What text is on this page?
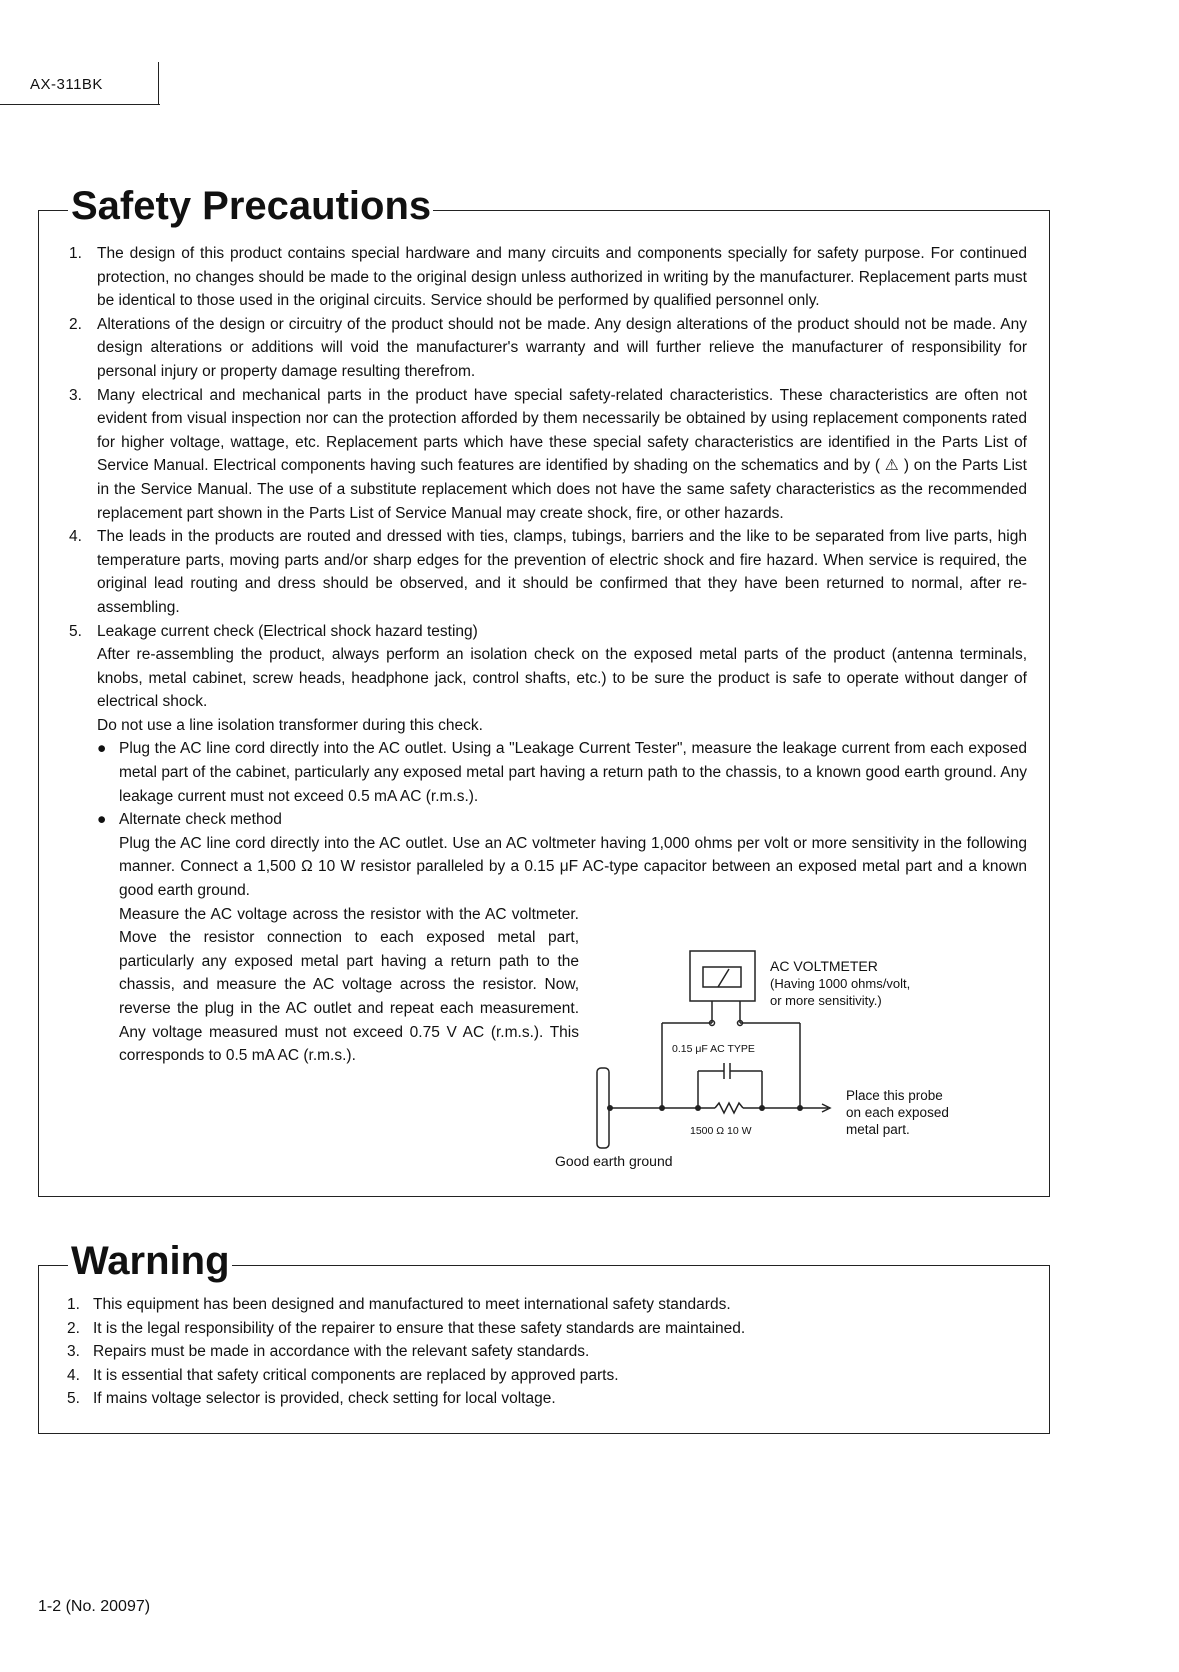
AX-311BK
Safety Precautions
1. The design of this product contains special hardware and many circuits and components specially for safety purpose. For continued protection, no changes should be made to the original design unless authorized in writing by the manufacturer. Replacement parts must be identical to those used in the original circuits. Service should be performed by qualified personnel only.
2. Alterations of the design or circuitry of the product should not be made. Any design alterations of the product should not be made. Any design alterations or additions will void the manufacturer's warranty and will further relieve the manufacturer of responsibility for personal injury or property damage resulting therefrom.
3. Many electrical and mechanical parts in the product have special safety-related characteristics. These characteristics are often not evident from visual inspection nor can the protection afforded by them necessarily be obtained by using replacement components rated for higher voltage, wattage, etc. Replacement parts which have these special safety characteristics are identified in the Parts List of Service Manual. Electrical components having such features are identified by shading on the schematics and by ( ⚠ ) on the Parts List in the Service Manual. The use of a substitute replacement which does not have the same safety characteristics as the recommended replacement part shown in the Parts List of Service Manual may create shock, fire, or other hazards.
4. The leads in the products are routed and dressed with ties, clamps, tubings, barriers and the like to be separated from live parts, high temperature parts, moving parts and/or sharp edges for the prevention of electric shock and fire hazard. When service is required, the original lead routing and dress should be observed, and it should be confirmed that they have been returned to normal, after re-assembling.
5. Leakage current check (Electrical shock hazard testing)
After re-assembling the product, always perform an isolation check on the exposed metal parts of the product (antenna terminals, knobs, metal cabinet, screw heads, headphone jack, control shafts, etc.) to be sure the product is safe to operate without danger of electrical shock.
Do not use a line isolation transformer during this check.
● Plug the AC line cord directly into the AC outlet. Using a "Leakage Current Tester", measure the leakage current from each exposed metal part of the cabinet, particularly any exposed metal part having a return path to the chassis, to a known good earth ground. Any leakage current must not exceed 0.5 mA AC (r.m.s.).
● Alternate check method
Plug the AC line cord directly into the AC outlet. Use an AC voltmeter having 1,000 ohms per volt or more sensitivity in the following manner. Connect a 1,500 Ω 10 W resistor paralleled by a 0.15 μF AC-type capacitor between an exposed metal part and a known good earth ground.
Measure the AC voltage across the resistor with the AC voltmeter. Move the resistor connection to each exposed metal part, particularly any exposed metal part having a return path to the chassis, and measure the AC voltage across the resistor. Now, reverse the plug in the AC outlet and repeat each measurement. Any voltage measured must not exceed 0.75 V AC (r.m.s.). This corresponds to 0.5 mA AC (r.m.s.).
AC VOLTMETER
(Having 1000 ohms/volt,
or more sensitivity.)
0.15 μF AC TYPE
1500 Ω 10 W
Place this probe
on each exposed
metal part.
Good earth ground
Warning
1. This equipment has been designed and manufactured to meet international safety standards.
2. It is the legal responsibility of the repairer to ensure that these safety standards are maintained.
3. Repairs must be made in accordance with the relevant safety standards.
4. It is essential that safety critical components are replaced by approved parts.
5. If mains voltage selector is provided, check setting for local voltage.
1-2 (No. 20097)
